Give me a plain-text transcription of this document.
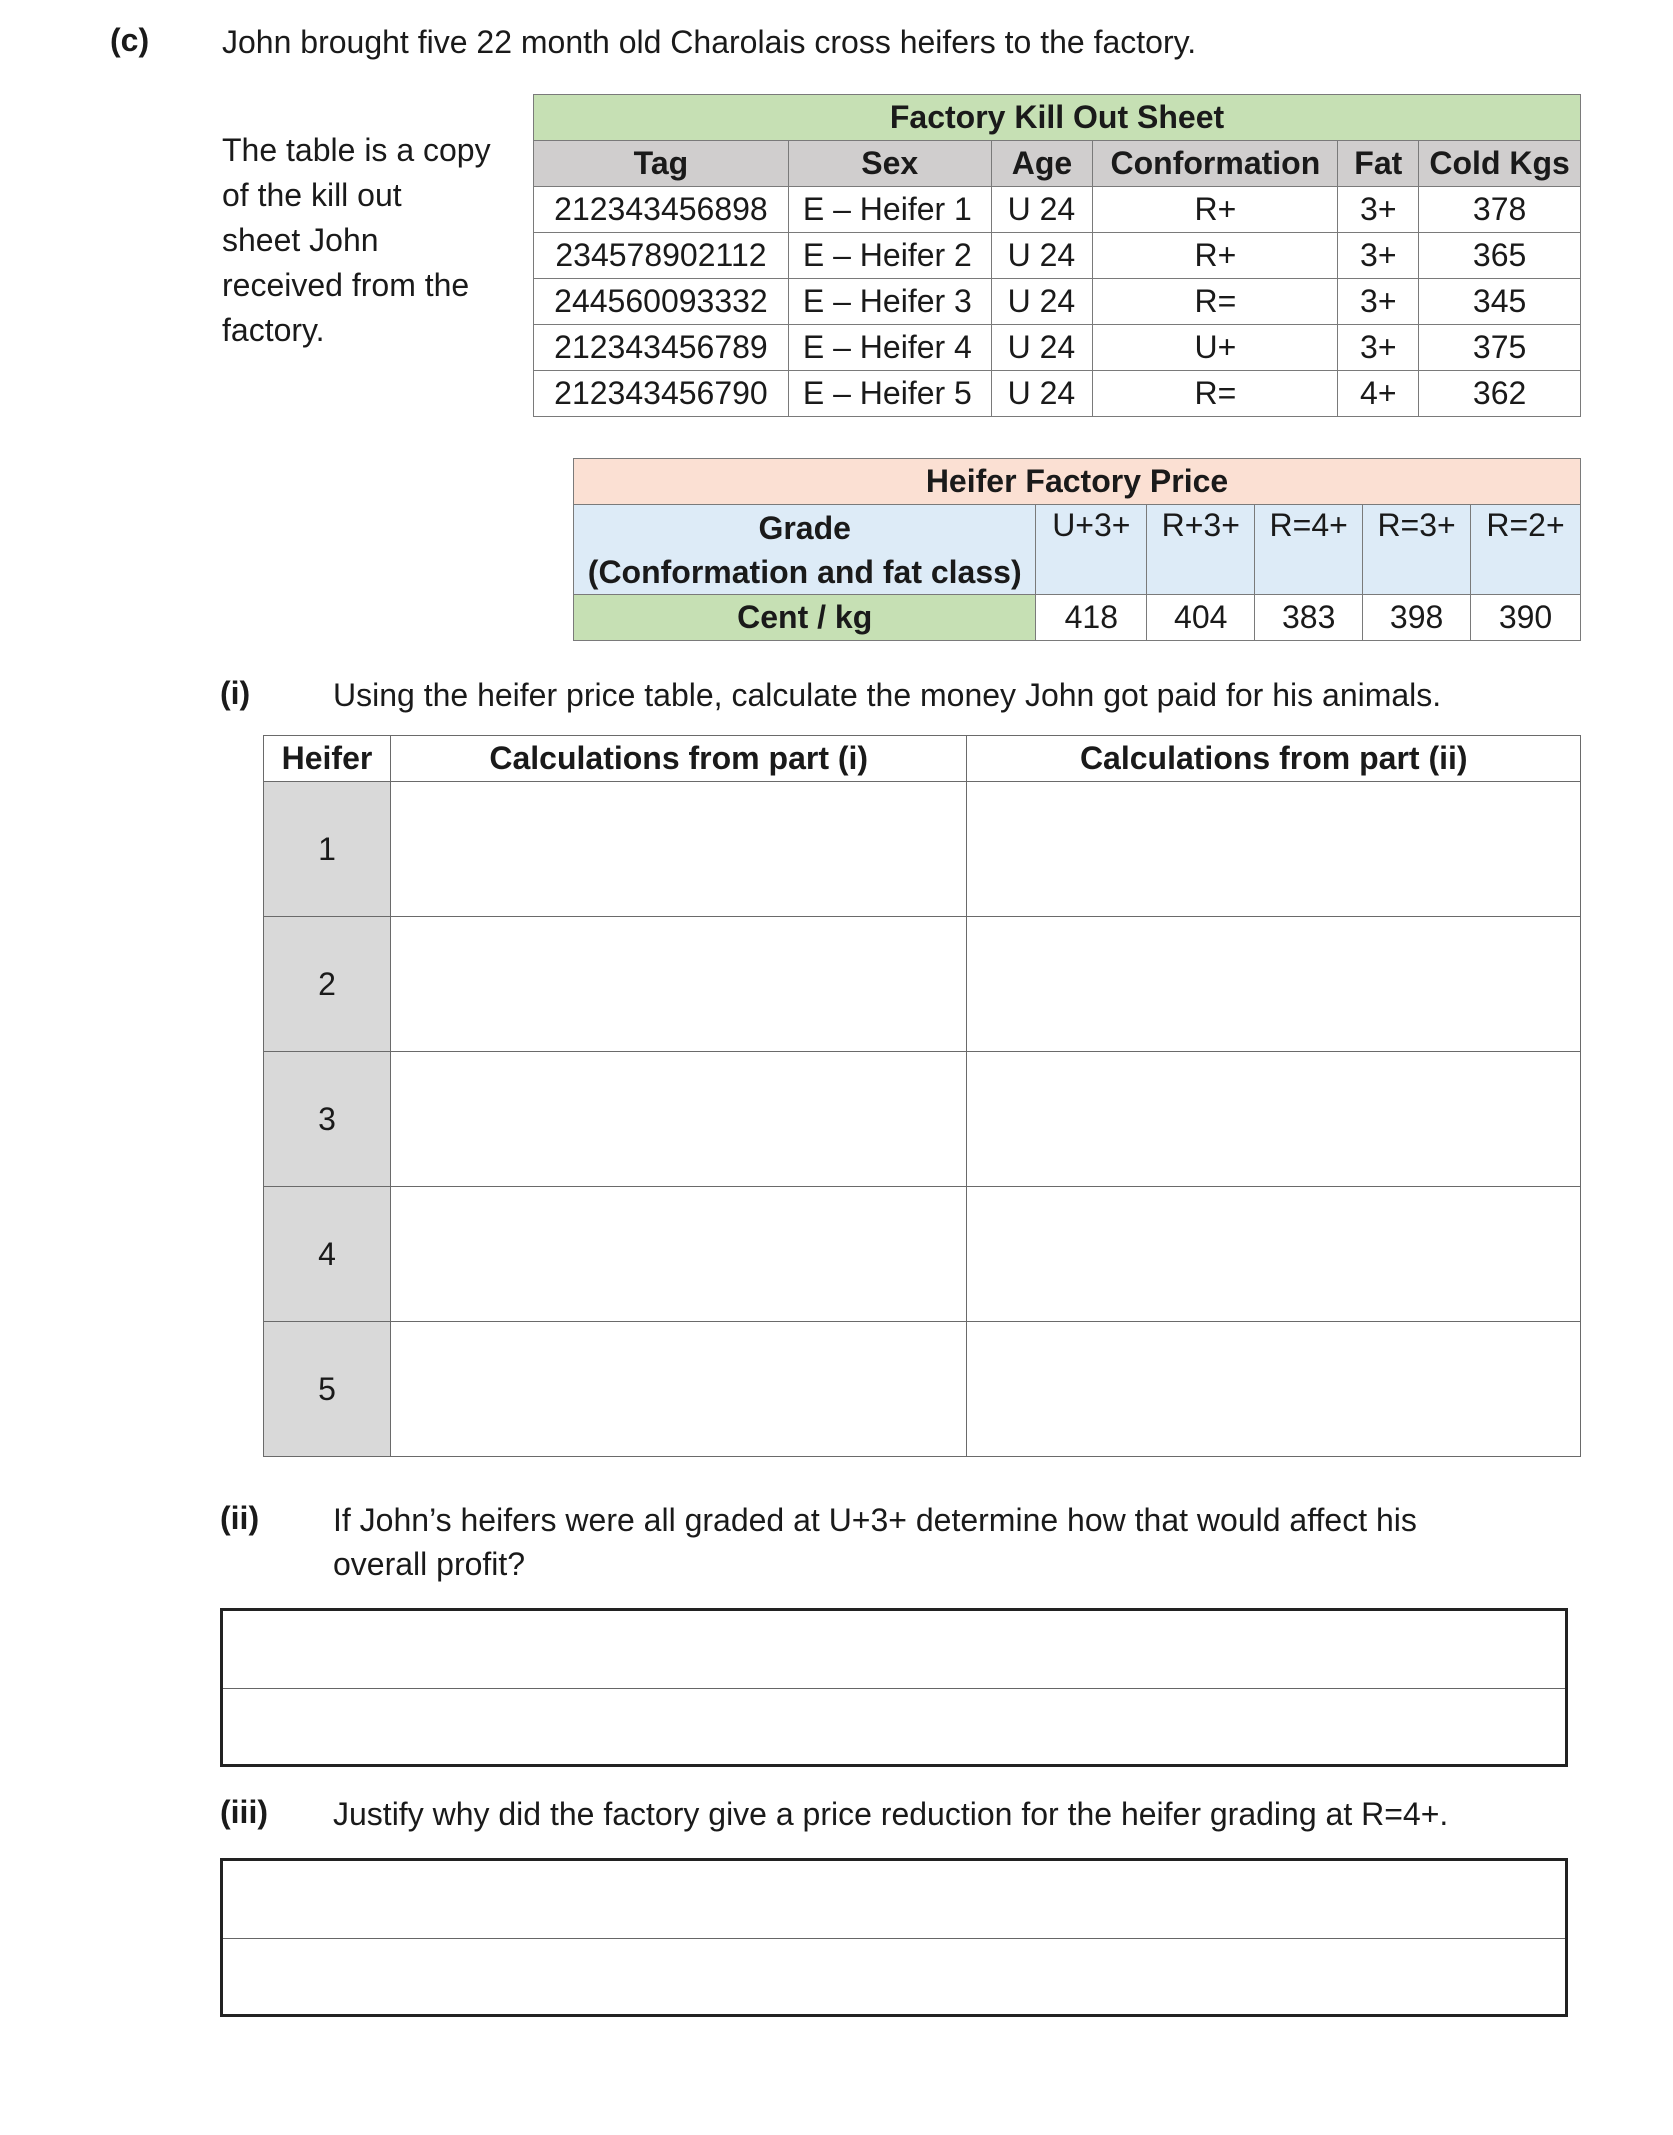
(c) John brought five 22 month old Charolais cross heifers to the factory.
The table is a copy
of the kill out
sheet John
received from the
factory.
Factory Kill Out Sheet					
Tag	Sex	Age	Conformation	Fat	Cold Kgs
212343456898	E – Heifer 1	U 24	R+	3+	378
234578902112	E – Heifer 2	U 24	R+	3+	365
244560093332	E – Heifer 3	U 24	R=	3+	345
212343456789	E – Heifer 4	U 24	U+	3+	375
212343456790	E – Heifer 5	U 24	R=	4+	362
Heifer Factory Price					

Grade
(Conformation and fat class)	U+3+	R+3+	R=4+	R=3+	R=2+
Cent / kg	418	404	383	398	390
(i)	Using the heifer price table, calculate the money John got paid for his animals.
Heifer	Calculations from part (i)	Calculations from part (ii)
1		
2		
3		
4		
5		
(ii) If John’s heifers were all graded at U+3+ determine how that would affect his
overall profit?
(iii) Justify why did the factory give a price reduction for the heifer grading at R=4+.
